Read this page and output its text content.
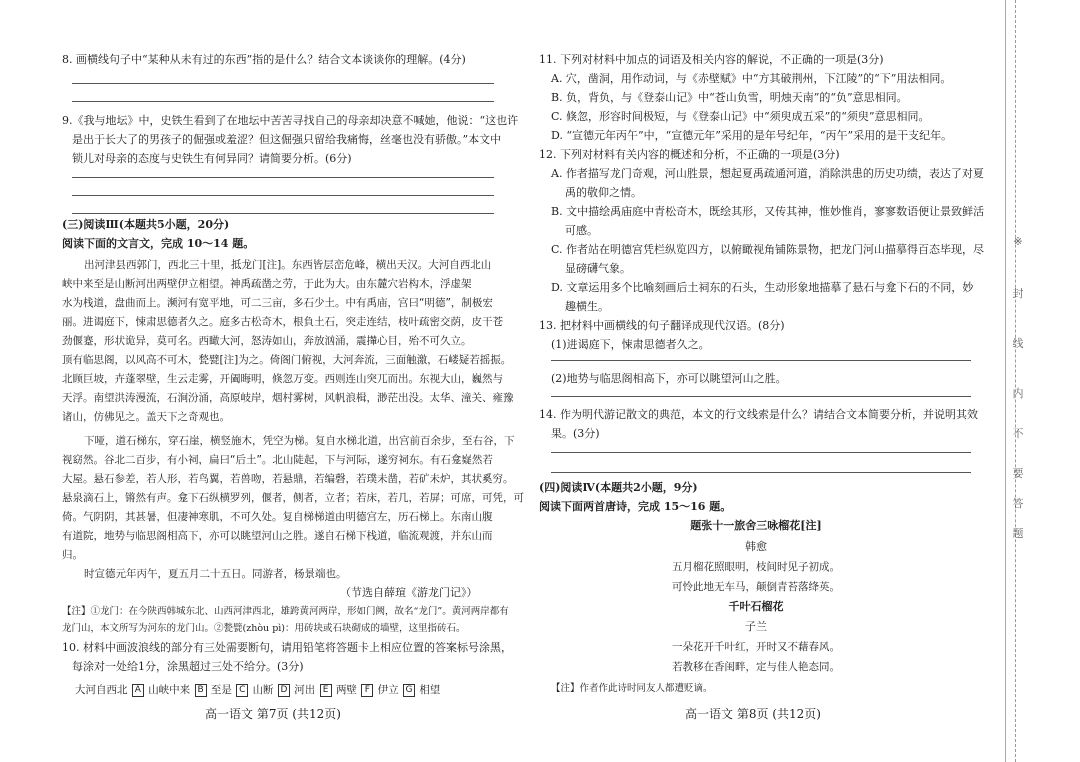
8. 画横线句子中“某种从未有过的东西”指的是什么？结合文本谈谈你的理解。(4分)
9.《我与地坛》中，史铁生看到了在地坛中苦苦寻找自己的母亲却决意不喊她，他说：“这也许
是出于长大了的男孩子的倔强或羞涩？但这倔强只留给我痛悔，丝毫也没有骄傲。”本文中
锁儿对母亲的态度与史铁生有何异同？请简要分析。(6分)
(三)阅读Ⅲ(本题共5小题，20分)
阅读下面的文言文，完成 10～14 题。
出河津县西郭门，西北三十里，抵龙门[注]。东西皆层峦危峰，横出天汉。大河自西北山
峡中来至是山断河出两壁伊立相望。神禹疏凿之劳，于此为大。由东麓穴岩构木，浮虚架
水为栈道，盘曲而上。濒河有宽平地，可二三亩，多石少土。中有禹庙，宫曰“明德”，制极宏
丽。进谒庭下，悚肃思德者久之。庭多古松奇木，根負土石，突走连结，枝叶疏密交荫，皮干苍
劲偃蹇，形状诡异，莫可名。西瞰大河，怒涛如山，奔放汹涌，震攆心目，殆不可久立。
顶有临思阁，以风高不可木，甃甓[注]为之。倚阁门俯视，大河奔流，三面触激，石嵝疑若摇振。
北顾巨坡，卉蓬翠壁，生云走雾，开阖晦明，倏忽万变。西则连山突兀而出。东视大山，巍然与
天浮。南望洪涛漫流，石涧汾涌，高原岐岸，烟村雾树，风帆浪楫，渺茫出没。太华、潼关、雍豫
诸山，仿佛见之。盖天下之奇观也。
下哑，道石梯东，穿石崖，横竖施木，凭空为梯。复自水梯北道，出宫前百余步，至右谷，下
视窈然。谷北二百步，有小祠，扁曰“后土”。北山陡起，下与河际，遂穷祠东。有石龛嶷然若
大屋。悬石参差，若人形，若鸟翼，若兽吻，若悬鼎，若编磬，若璞未凿，若矿未炉，其状奚穷。
悬泉滴石上，锵然有声。龛下石纵横罗列，偃者，侧者，立者；若床，若几，若屏；可席，可凭，可
倚。气阴阴，其甚暑，但凄神寒肌，不可久处。复自梯梯道由明德宫左，历石梯上。东南山腹
有道院，地势与临思阁相高下，亦可以眺望河山之胜。遂自石梯下栈道，临流观渡，并东山而
归。
时宣德元年丙午，夏五月二十五日。同游者，杨景端也。
（节选自薛瑄《游龙门记》）
【注】①龙门：在今陕西韩城东北、山西河津西北，雄跨黄河两岸，形如门阙，故名“龙门”。黄河两岸都有
龙门山，本文所写为河东的龙门山。②甃甓(zhòu pì)：用砖块或石块砌成的墙壁，这里指砖石。
10. 材料中画波浪线的部分有三处需要断句，请用铅笔将答题卡上相应位置的答案标号涂黑，
每涂对一处给1分，涂黑超过三处不给分。(3分)
大河自西北 A 山峡中来 B 至是 C 山断 D 河出 E 两壁 F 伊立 G 相望
高一语文 第7页 (共12页)
11. 下列对材料中加点的词语及相关内容的解说，不正确的一项是(3分)
A. 穴，凿洞，用作动词，与《赤壁赋》中“方其破荆州，下江陵”的“下”用法相同。
B. 负，背负，与《登泰山记》中“苍山负雪，明烛天南”的“负”意思相同。
C. 倏忽，形容时间极短，与《登泰山记》中“须臾成五采”的“须臾”意思相同。
D. “宣德元年丙午”中，“宣德元年”采用的是年号纪年，“丙午”采用的是干支纪年。
12. 下列对材料有关内容的概述和分析，不正确的一项是(3分)
A. 作者描写龙门奇观，河山胜景，想起夏禹疏通河道，消除洪患的历史功绩，表达了对夏
禹的敬仰之情。
B. 文中描绘禹庙庭中青松奇木，既绘其形，又传其神，惟妙惟肖，寥寥数语便让景致鲜活
可感。
C. 作者站在明德宫凭栏纵览四方，以俯瞰视角铺陈景物，把龙门河山描摹得百态毕现，尽
显磅礴气象。
D. 文章运用多个比喻刻画后土祠东的石头，生动形象地描摹了悬石与龛下石的不同，妙
趣横生。
13. 把材料中画横线的句子翻译成现代汉语。(8分)
(1)进谒庭下，悚肃思德者久之。
(2)地势与临思阁相高下，亦可以眺望河山之胜。
14. 作为明代游记散文的典范，本文的行文线索是什么？请结合文本简要分析，并说明其效
果。(3分)
(四)阅读Ⅳ(本题共2小题，9分)
阅读下面两首唐诗，完成 15～16 题。
题张十一旅舍三咏榴花[注]
韩愈
五月榴花照眼明，枝间时见子初成。
可怜此地无车马，颠倒青苔落绛英。
千叶石榴花
子兰
一朵花开千叶红，开时又不藉春风。
若教移在香闺畔，定与佳人艳态同。
【注】作者作此诗时同友人都遭贬谪。
高一语文 第8页 (共12页)
※
封
线
内
不
要
答
题
